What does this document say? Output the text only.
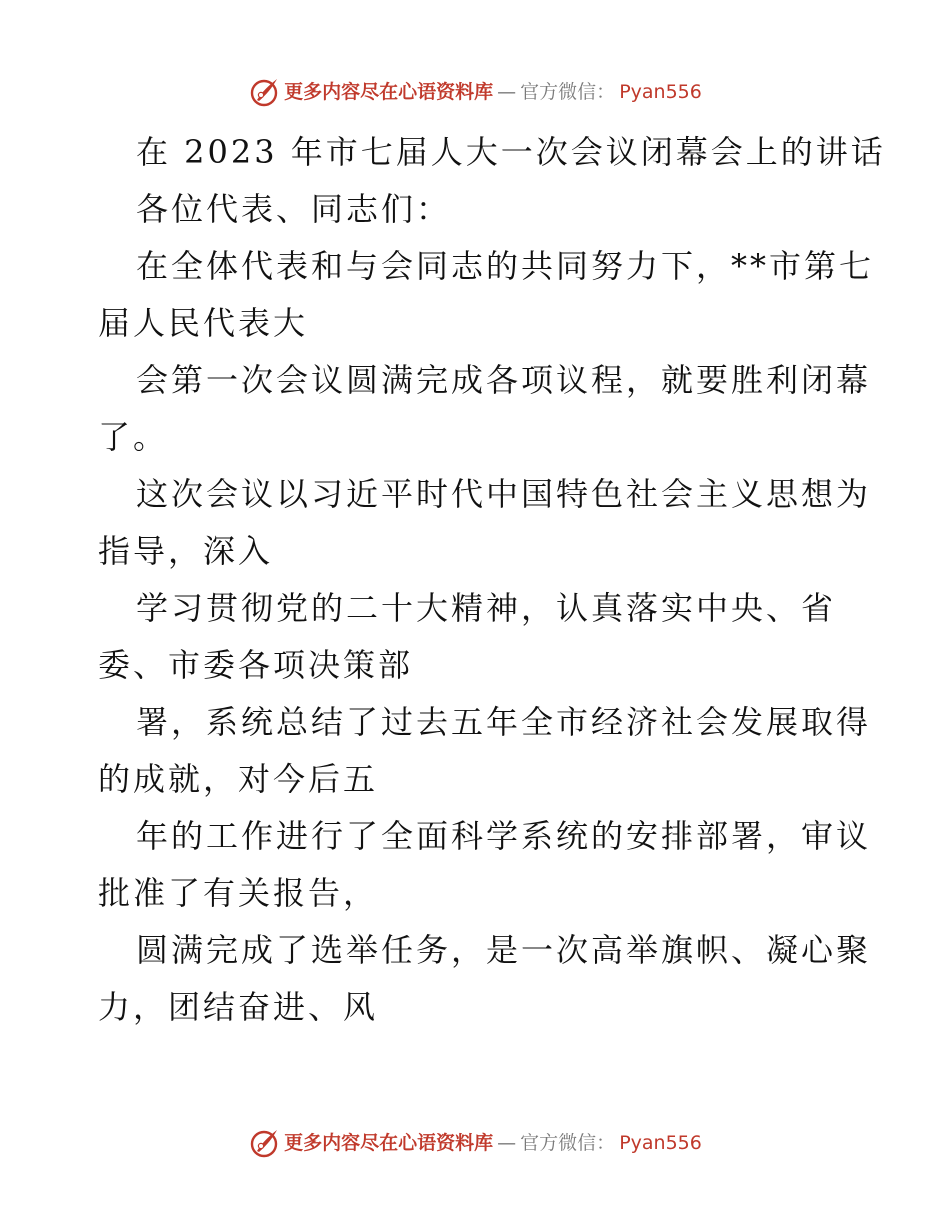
更多内容尽在心语资料库 — 官方微信： Pyan556
在 2023 年市七届人大一次会议闭幕会上的讲话
各位代表、同志们：
在全体代表和与会同志的共同努力下，**市第七
届人民代表大
会第一次会议圆满完成各项议程，就要胜利闭幕
了。
这次会议以习近平时代中国特色社会主义思想为
指导，深入
学习贯彻党的二十大精神，认真落实中央、省
委、市委各项决策部
署，系统总结了过去五年全市经济社会发展取得
的成就，对今后五
年的工作进行了全面科学系统的安排部署，审议
批准了有关报告，
圆满完成了选举任务，是一次高举旗帜、凝心聚
力，团结奋进、风
更多内容尽在心语资料库 — 官方微信： Pyan556
